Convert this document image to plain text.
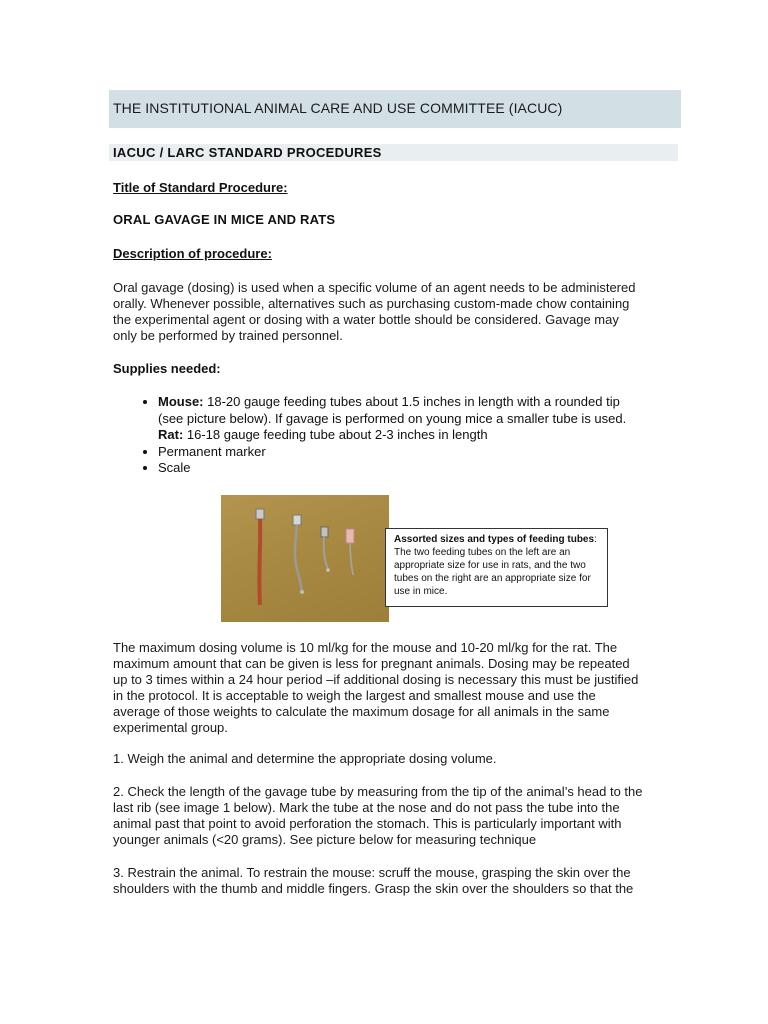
THE INSTITUTIONAL ANIMAL CARE AND USE COMMITTEE (IACUC)
IACUC / LARC STANDARD PROCEDURES
Title of Standard Procedure:
ORAL GAVAGE IN MICE AND RATS
Description of procedure:
Oral gavage (dosing) is used when a specific volume of an agent needs to be administered
orally. Whenever possible, alternatives such as purchasing custom-made chow containing
the experimental agent or dosing with a water bottle should be considered. Gavage may
only be performed by trained personnel.
Supplies needed:
• Mouse: 18-20 gauge feeding tubes about 1.5 inches in length with a rounded tip
(see picture below). If gavage is performed on young mice a smaller tube is used.
Rat: 16-18 gauge feeding tube about 2-3 inches in length
• Permanent marker
• Scale
Assorted sizes and types of feeding tubes: The two feeding tubes on the left are an appropriate size for use in rats, and the two tubes on the right are an appropriate size for use in mice.
The maximum dosing volume is 10 ml/kg for the mouse and 10-20 ml/kg for the rat. The
maximum amount that can be given is less for pregnant animals. Dosing may be repeated
up to 3 times within a 24 hour period –if additional dosing is necessary this must be justified
in the protocol. It is acceptable to weigh the largest and smallest mouse and use the
average of those weights to calculate the maximum dosage for all animals in the same
experimental group.
1. Weigh the animal and determine the appropriate dosing volume.
2. Check the length of the gavage tube by measuring from the tip of the animal’s head to the
last rib (see image 1 below). Mark the tube at the nose and do not pass the tube into the
animal past that point to avoid perforation the stomach. This is particularly important with
younger animals (<20 grams). See picture below for measuring technique
3. Restrain the animal. To restrain the mouse: scruff the mouse, grasping the skin over the
shoulders with the thumb and middle fingers. Grasp the skin over the shoulders so that the
